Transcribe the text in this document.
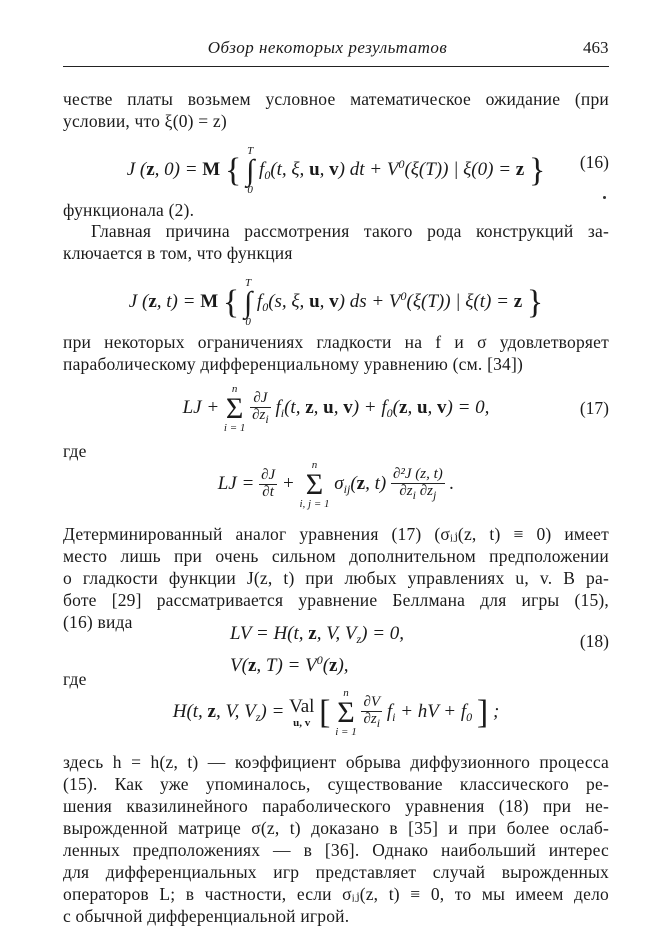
Обзор некоторых результатов	463
честве платы возьмем условное математическое ожидание (при
условии, что ξ(0) = z)
J (z, 0) = M {
T
∫
0
$f_0(t$, ξ, u, v) dt + $V^0(\xi(T))$ | ξ(0) = z }	(16)
функционала (2).
Главная причина рассмотрения такого рода конструкций за-
ключается в том, что функция
J (z, t) = M {
T
∫
0
$f_0(s$, ξ, u, v) ds + $V^0(\xi(T))$ | ξ(t) = z }
при некоторых ограничениях гладкости на f и σ удовлетворяет
параболическому дифференциальному уравнению (см. [34])
LJ +
n
Σ
i = 1

$\frac{\partial J}{\partial z_i} f_i(t$, z, u, $v) + f_0(z$, u, v) = 0,	(17)
где
LJ = $\frac{\partial J}{\partial t}$ +
n
Σ
i, j = 1
$\sigma_{ij}(z$, $t) \frac{\text{∂²J (z, t)}}{\partial z_i \partial z_j}$ .
Детерминированный аналог уравнения (17) (σᵢⱼ(z, t) ≡ 0) имеет
место лишь при очень сильном дополнительном предположении
о гладкости функции J(z, t) при любых управлениях u, v. В ра-
боте [29] рассматривается уравнение Беллмана для игры (15),
(16) вида
LV = H(t, z, V, $V_z) = 0$,
V(z, $T) = V^0(z)$,
(18)
где
H(t, z, V, $V_z$) = Val
u, v [
n
Σ
i = 1

$\frac{\partial V}{\partial z_i} f_i$ + hV + $f_0$ ] ;
здесь h = h(z, t) — коэффициент обрыва диффузионного процесса
(15). Как уже упоминалось, существование классического ре-
шения квазилинейного параболического уравнения (18) при не-
вырожденной матрице σ(z, t) доказано в [35] и при более ослаб-
ленных предположениях — в [36]. Однако наибольший интерес
для дифференциальных игр представляет случай вырожденных
операторов L; в частности, если σᵢⱼ(z, t) ≡ 0, то мы имеем дело
с обычной дифференциальной игрой.
